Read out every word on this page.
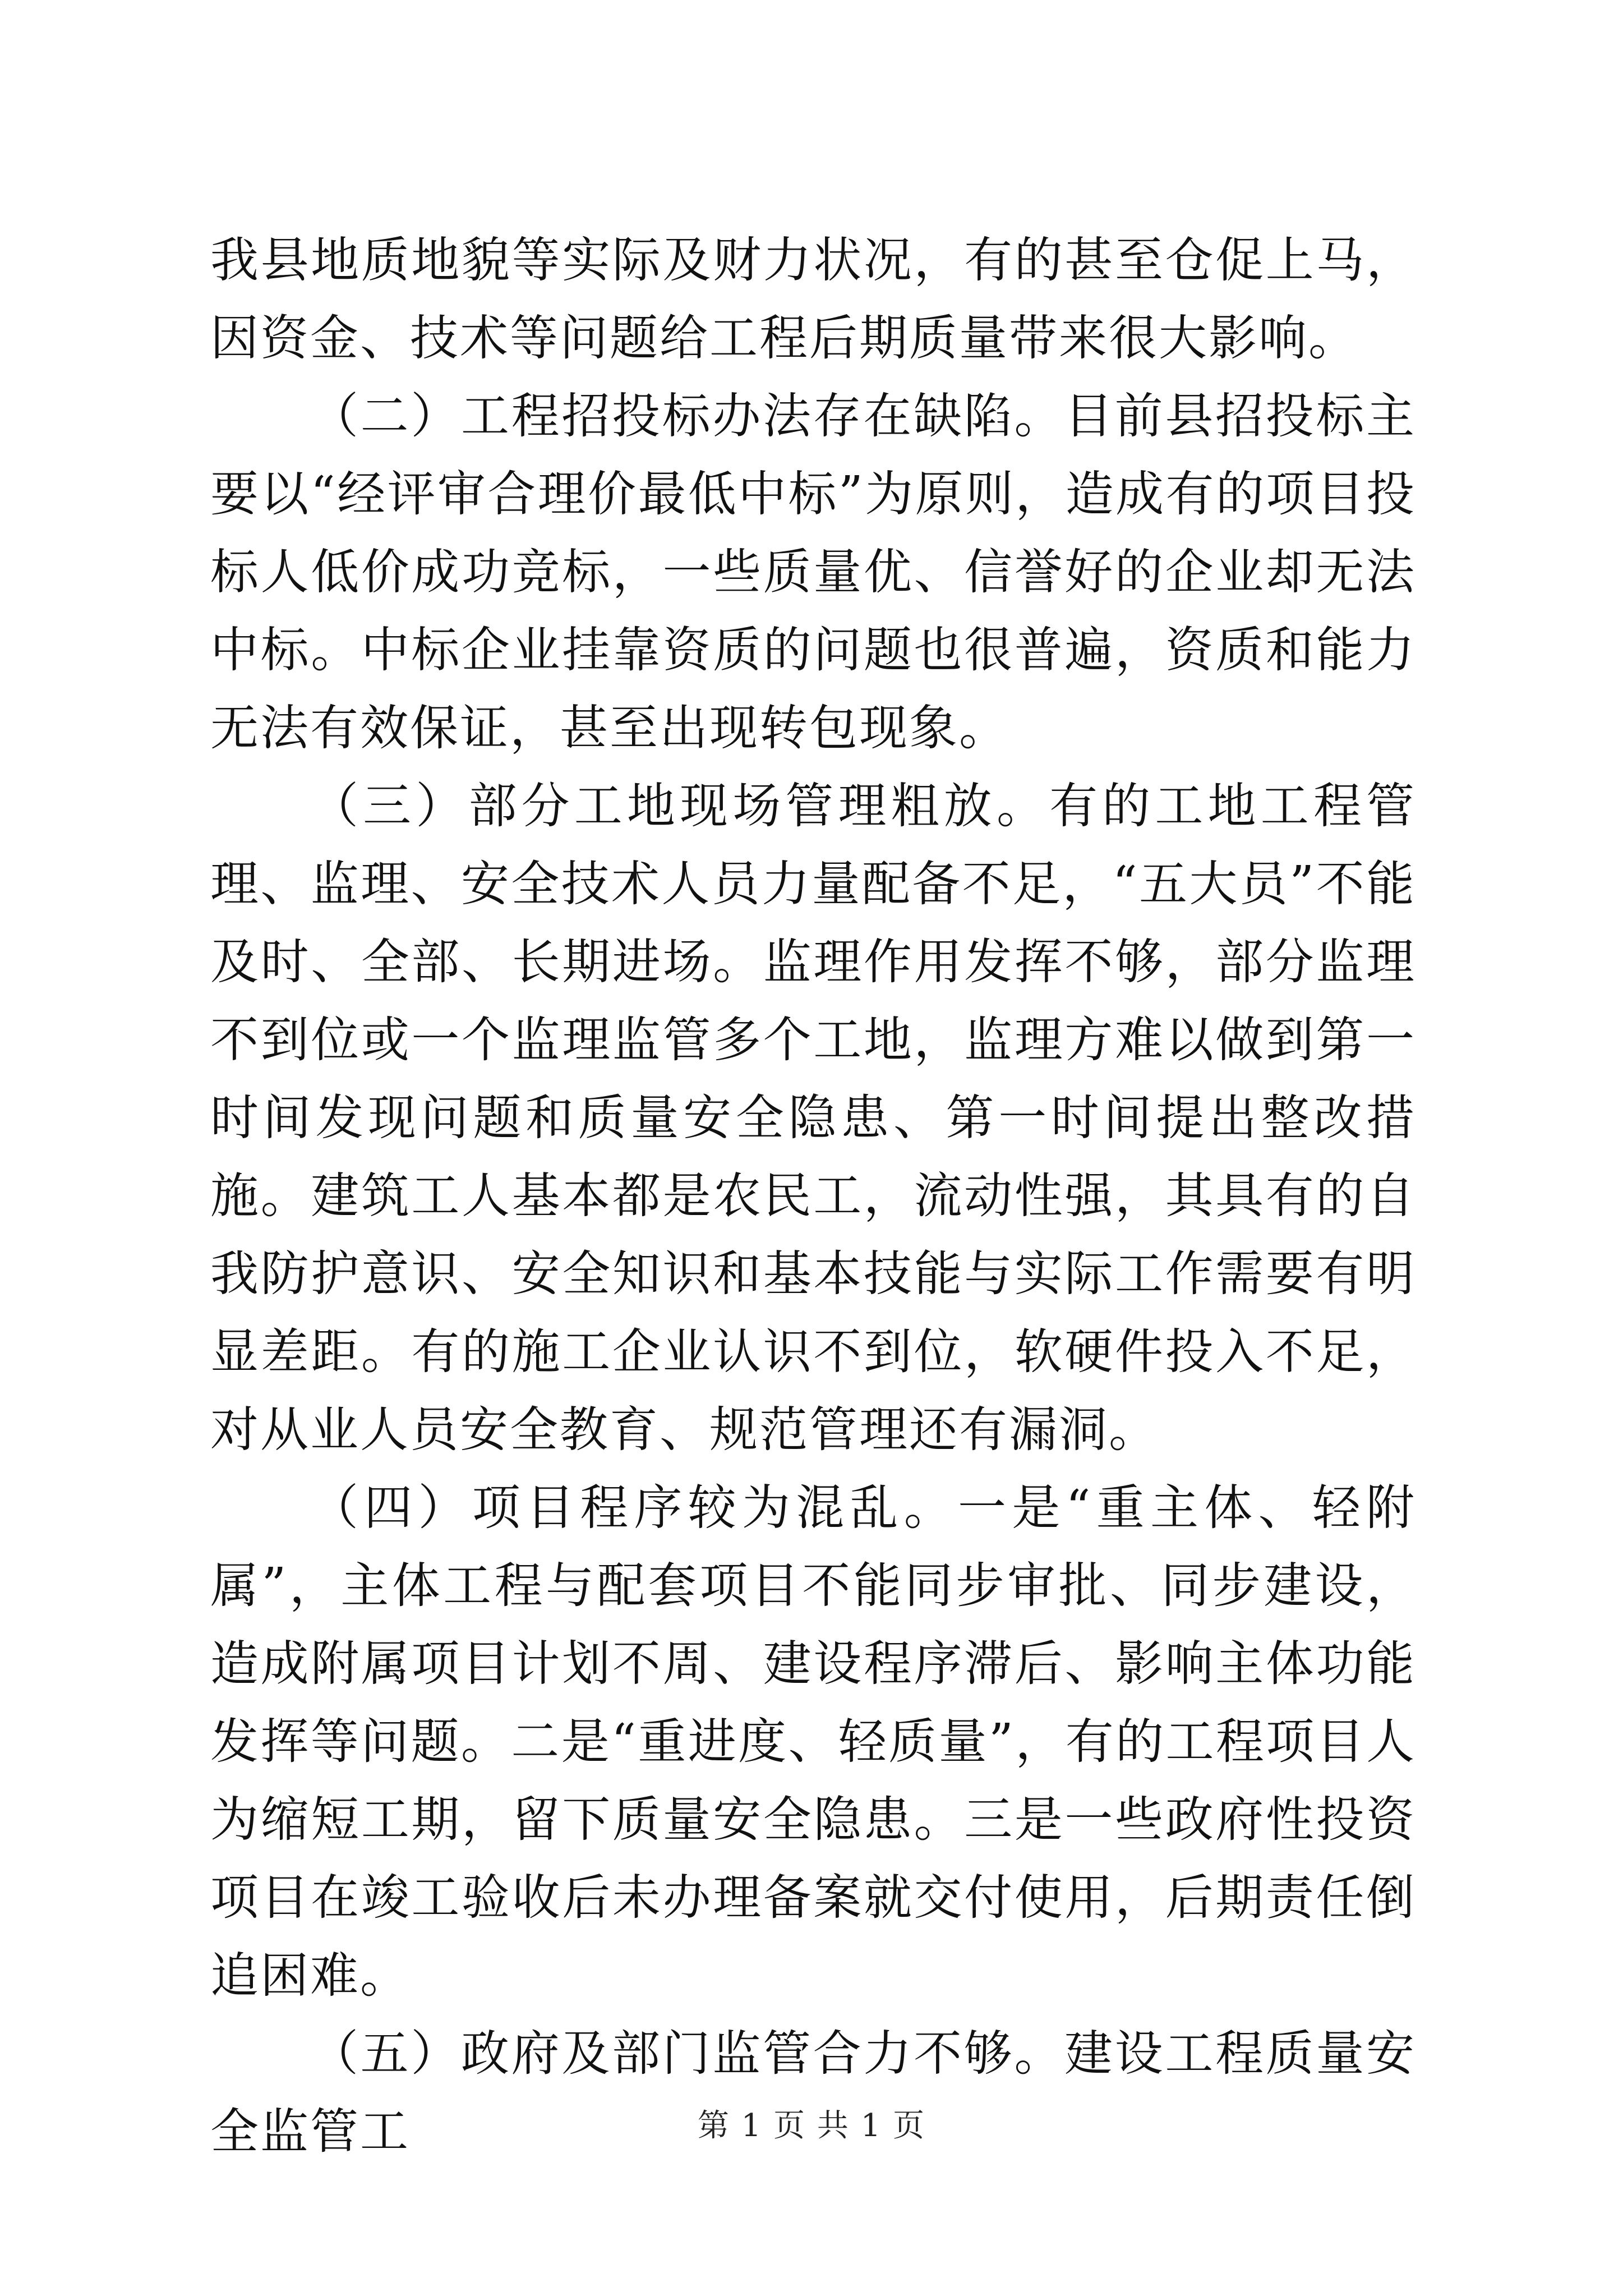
我县地质地貌等实际及财力状况，有的甚至仓促上马，因资金、技术等问题给工程后期质量带来很大影响。

（二）工程招投标办法存在缺陷。目前县招投标主要以“经评审合理价最低中标”为原则，造成有的项目投标人低价成功竞标，一些质量优、信誉好的企业却无法中标。中标企业挂靠资质的问题也很普遍，资质和能力无法有效保证，甚至出现转包现象。

（三）部分工地现场管理粗放。有的工地工程管理、监理、安全技术人员力量配备不足，“五大员”不能及时、全部、长期进场。监理作用发挥不够，部分监理不到位或一个监理监管多个工地，监理方难以做到第一时间发现问题和质量安全隐患、第一时间提出整改措施。建筑工人基本都是农民工，流动性强，其具有的自我防护意识、安全知识和基本技能与实际工作需要有明显差距。有的施工企业认识不到位，软硬件投入不足，对从业人员安全教育、规范管理还有漏洞。

（四）项目程序较为混乱。一是“重主体、轻附属”，主体工程与配套项目不能同步审批、同步建设，造成附属项目计划不周、建设程序滞后、影响主体功能发挥等问题。二是“重进度、轻质量”，有的工程项目人为缩短工期，留下质量安全隐患。三是一些政府性投资项目在竣工验收后未办理备案就交付使用，后期责任倒追困难。

（五）政府及部门监管合力不够。建设工程质量安全监管工	第 1 页 共 1 页
